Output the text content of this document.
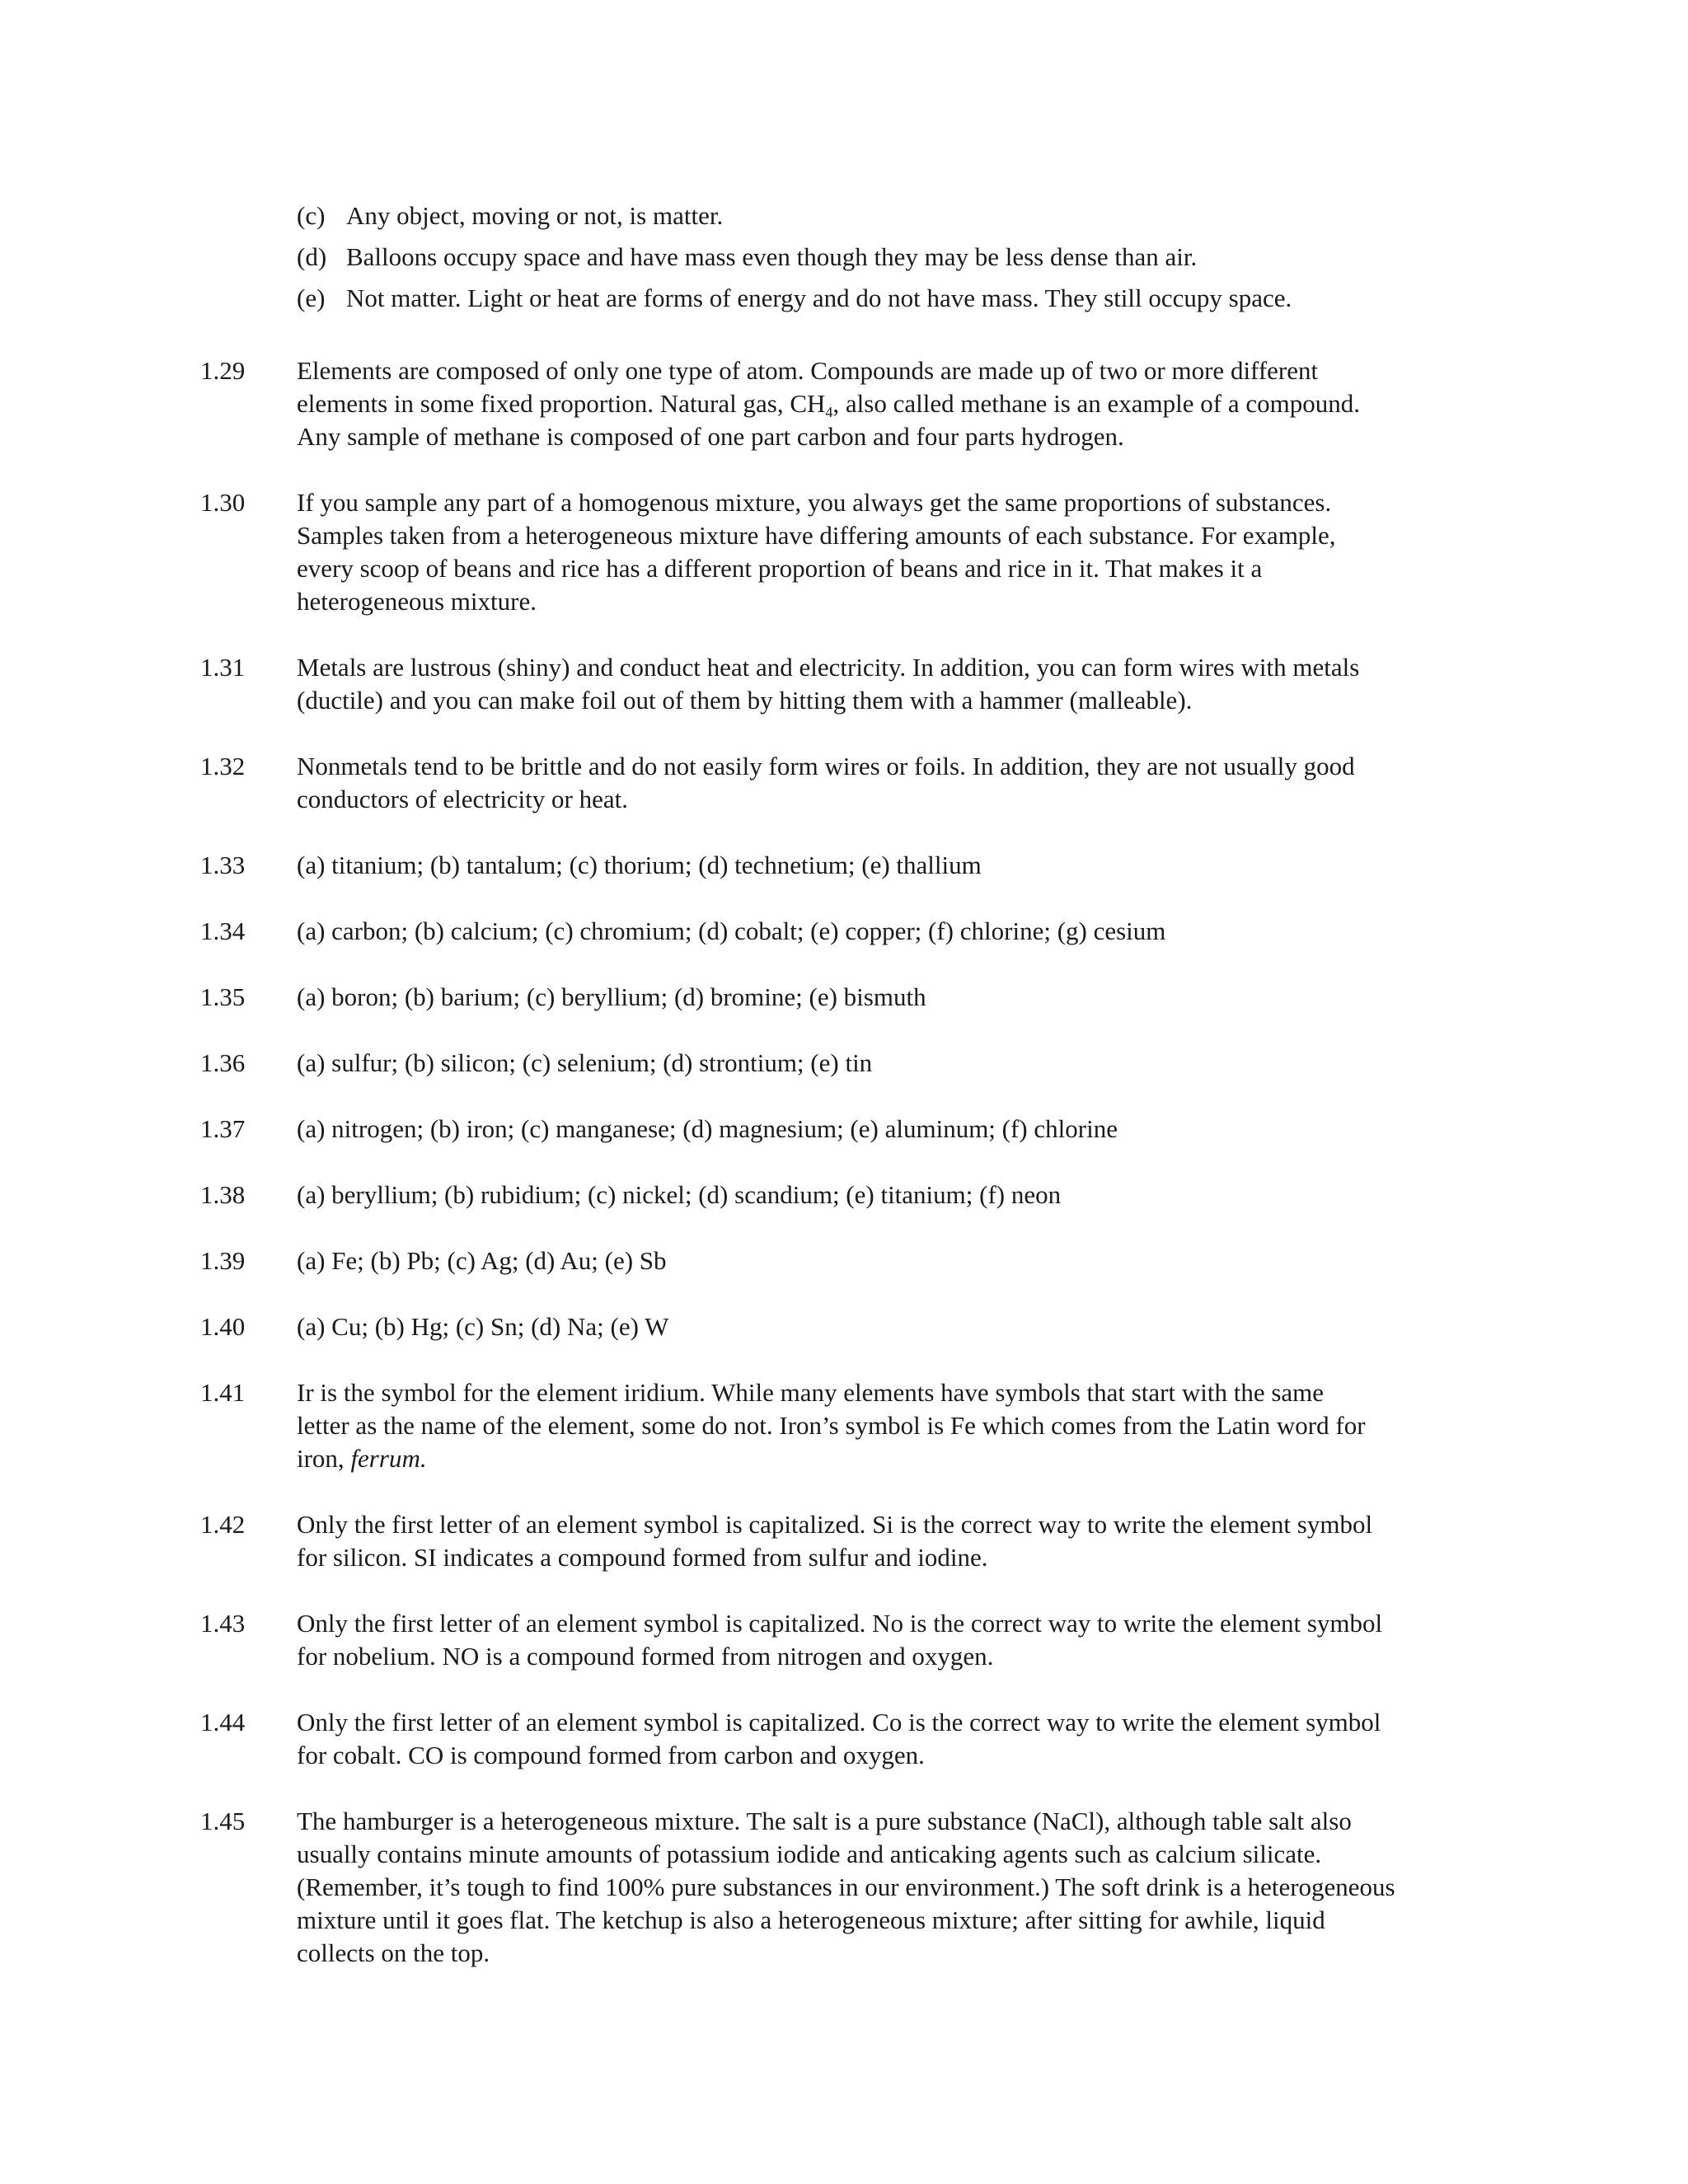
(c) Any object, moving or not, is matter.
(d) Balloons occupy space and have mass even though they may be less dense than air.
(e) Not matter. Light or heat are forms of energy and do not have mass. They still occupy space.
1.29	Elements are composed of only one type of atom. Compounds are made up of two or more different
elements in some fixed proportion. Natural gas, $CH_4$, also called methane is an example of a compound.
Any sample of methane is composed of one part carbon and four parts hydrogen.
1.30	If you sample any part of a homogenous mixture, you always get the same proportions of substances.
Samples taken from a heterogeneous mixture have differing amounts of each substance. For example,
every scoop of beans and rice has a different proportion of beans and rice in it. That makes it a
heterogeneous mixture.
1.31	Metals are lustrous (shiny) and conduct heat and electricity. In addition, you can form wires with metals
(ductile) and you can make foil out of them by hitting them with a hammer (malleable).
1.32	Nonmetals tend to be brittle and do not easily form wires or foils. In addition, they are not usually good
conductors of electricity or heat.
1.33	(a) titanium; (b) tantalum; (c) thorium; (d) technetium; (e) thallium
1.34	(a) carbon; (b) calcium; (c) chromium; (d) cobalt; (e) copper; (f) chlorine; (g) cesium
1.35	(a) boron; (b) barium; (c) beryllium; (d) bromine; (e) bismuth
1.36	(a) sulfur; (b) silicon; (c) selenium; (d) strontium; (e) tin
1.37	(a) nitrogen; (b) iron; (c) manganese; (d) magnesium; (e) aluminum; (f) chlorine
1.38	(a) beryllium; (b) rubidium; (c) nickel; (d) scandium; (e) titanium; (f) neon
1.39	(a) Fe; (b) Pb; (c) Ag; (d) Au; (e) Sb
1.40	(a) Cu; (b) Hg; (c) Sn; (d) Na; (e) W
1.41	Ir is the symbol for the element iridium. While many elements have symbols that start with the same
letter as the name of the element, some do not. Iron’s symbol is Fe which comes from the Latin word for
iron, ferrum.
1.42	Only the first letter of an element symbol is capitalized. Si is the correct way to write the element symbol
for silicon. SI indicates a compound formed from sulfur and iodine.
1.43	Only the first letter of an element symbol is capitalized. No is the correct way to write the element symbol
for nobelium. NO is a compound formed from nitrogen and oxygen.
1.44	Only the first letter of an element symbol is capitalized. Co is the correct way to write the element symbol
for cobalt. CO is compound formed from carbon and oxygen.
1.45	The hamburger is a heterogeneous mixture. The salt is a pure substance (NaCl), although table salt also
usually contains minute amounts of potassium iodide and anticaking agents such as calcium silicate.
(Remember, it’s tough to find 100% pure substances in our environment.) The soft drink is a heterogeneous
mixture until it goes flat. The ketchup is also a heterogeneous mixture; after sitting for awhile, liquid
collects on the top.
